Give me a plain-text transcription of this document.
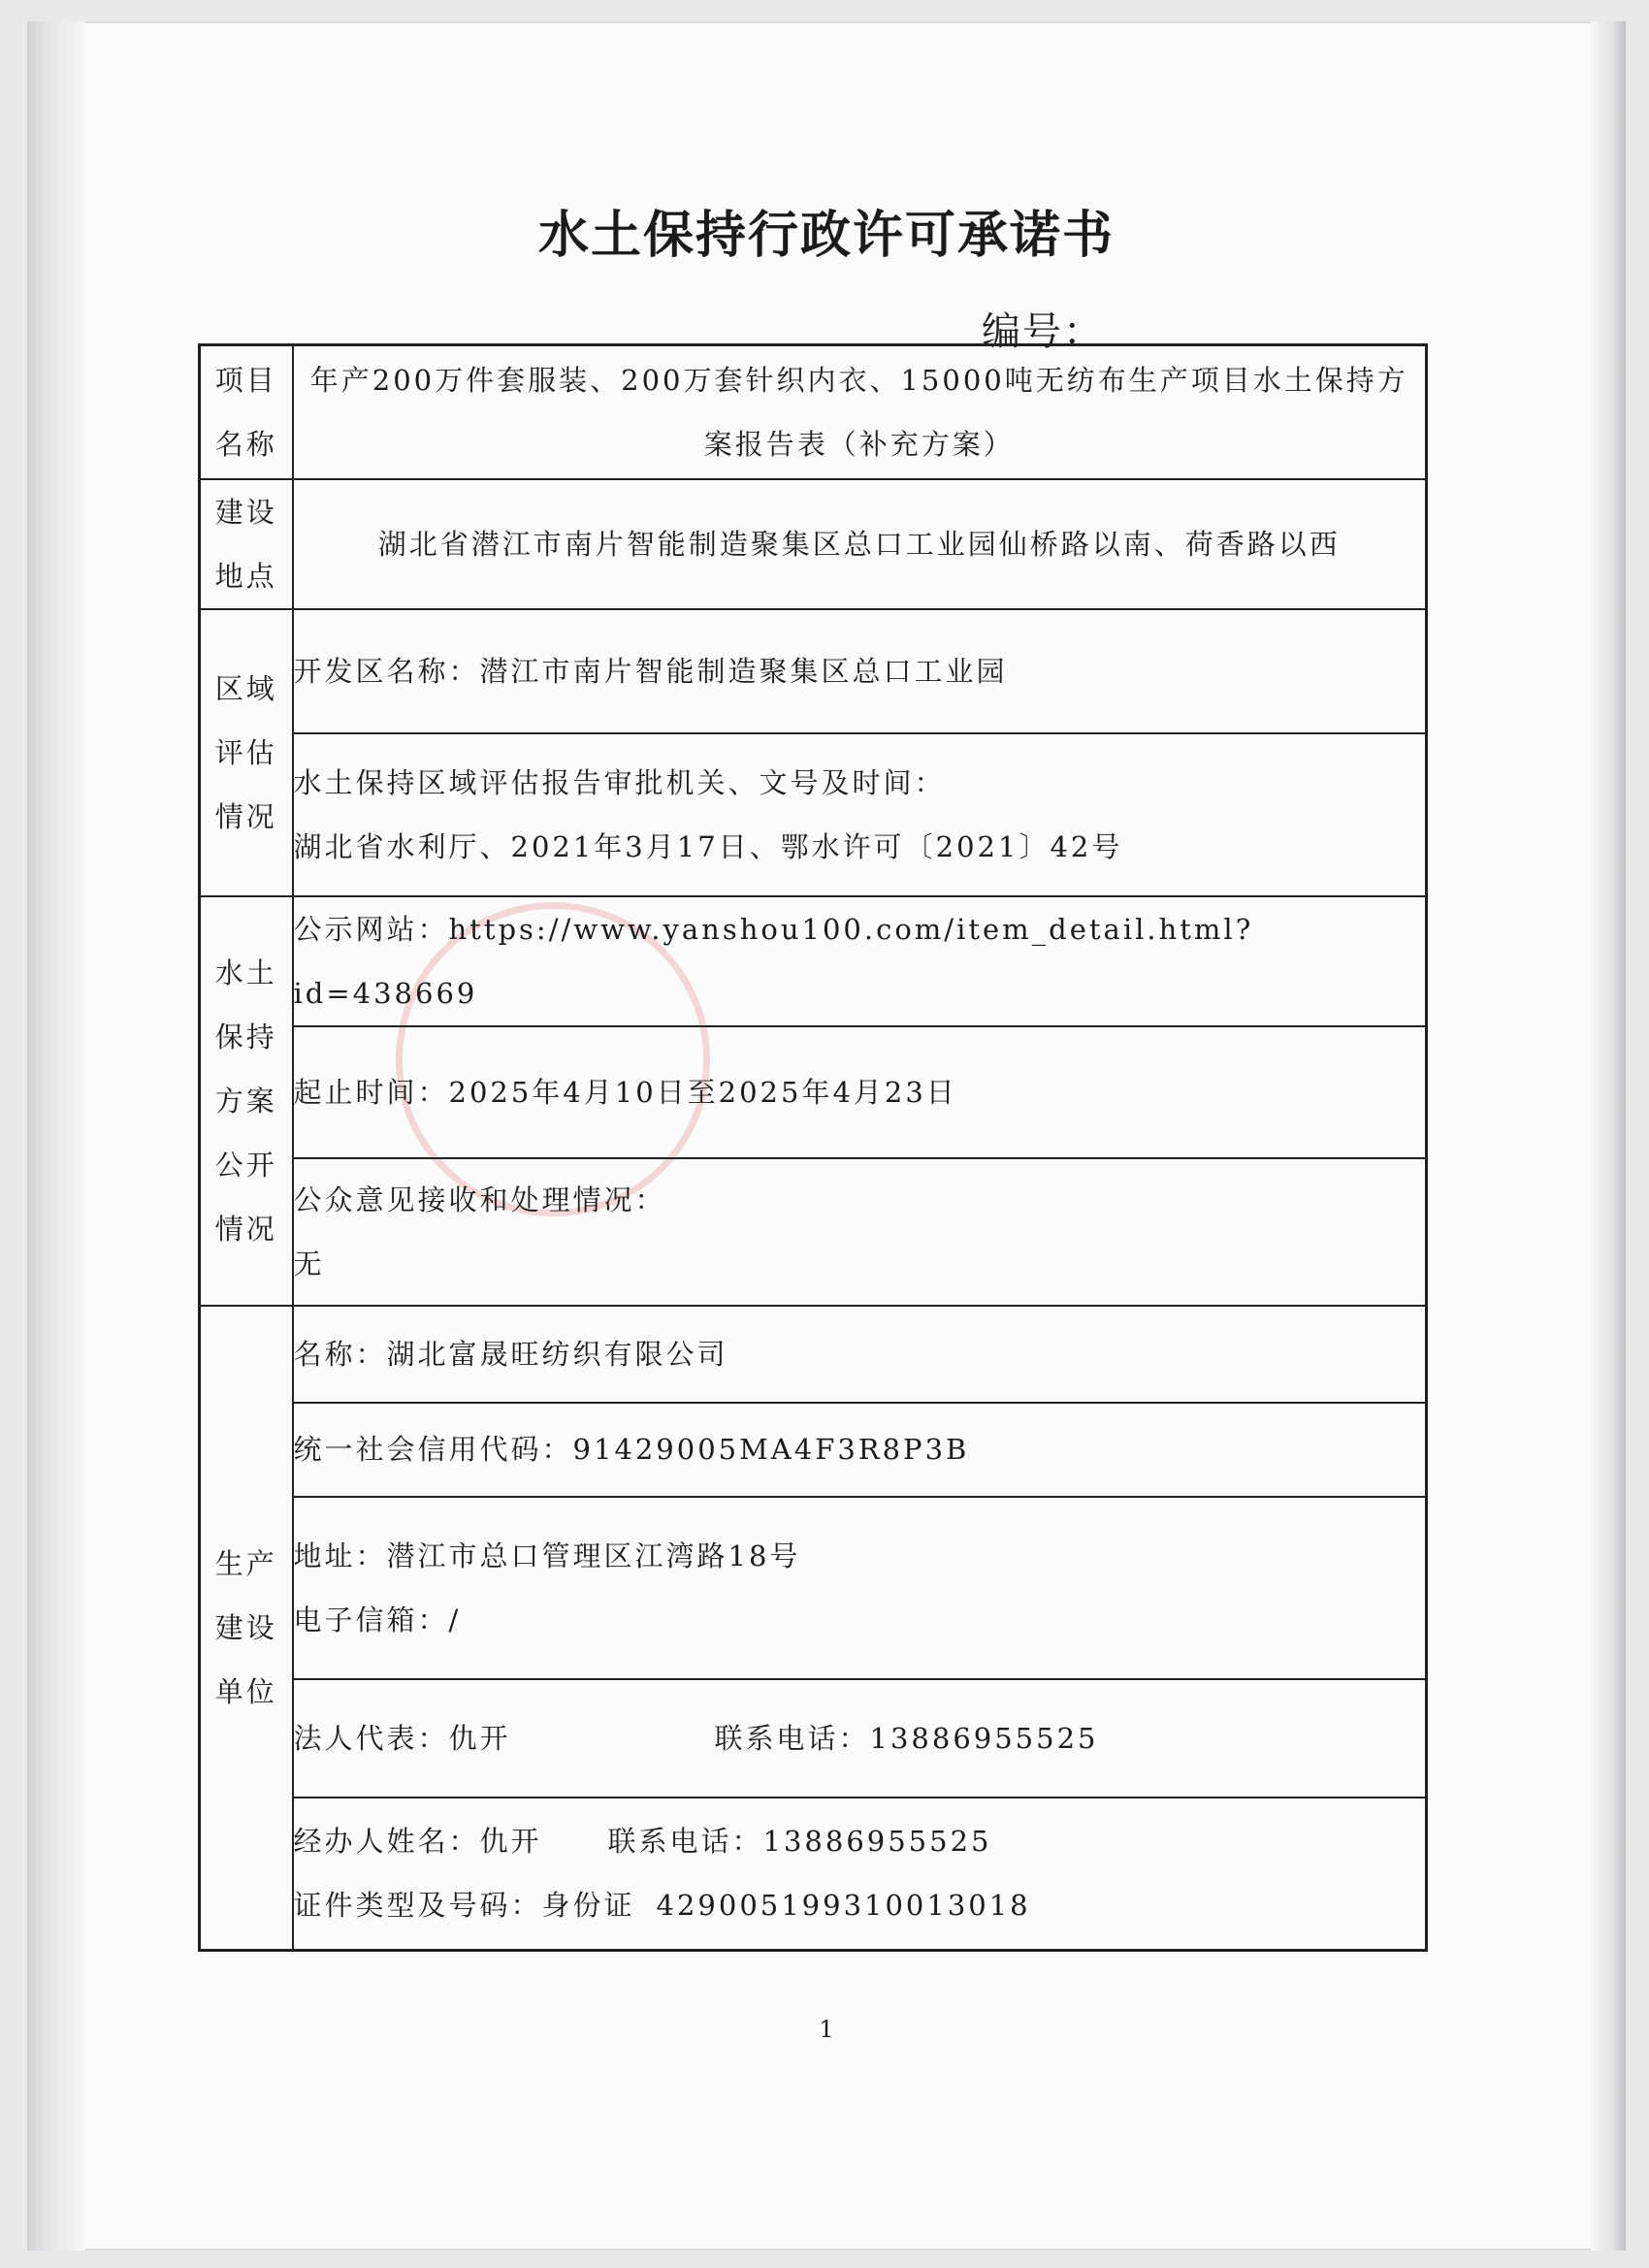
水土保持行政许可承诺书
编号：
项目
名称	年产200万件套服装、200万套针织内衣、15000吨无纺布生产项目水土保持方
案报告表（补充方案）

建设
地点	湖北省潜江市南片智能制造聚集区总口工业园仙桥路以南、荷香路以西

区域
评估
情况	开发区名称：潜江市南片智能制造聚集区总口工业园

	水土保持区域评估报告审批机关、文号及时间：
湖北省水利厅、2021年3月17日、鄂水许可〔2021〕42号

水土
保持
方案
公开
情况	公示网站：https://www.yanshou100.com/item_detail.html?id=438669
	起止时间：2025年4月10日至2025年4月23日

	公众意见接收和处理情况：
无

生产
建设
单位	名称：湖北富晟旺纺织有限公司
	统一社会信用代码：91429005MA4F3R8P3B

	地址：潜江市总口管理区江湾路18号
电子信箱：/

	法人代表：仇开 联系电话：13886955525

	经办人姓名：仇开 联系电话：13886955525
证件类型及号码：身份证 429005199310013018
1
